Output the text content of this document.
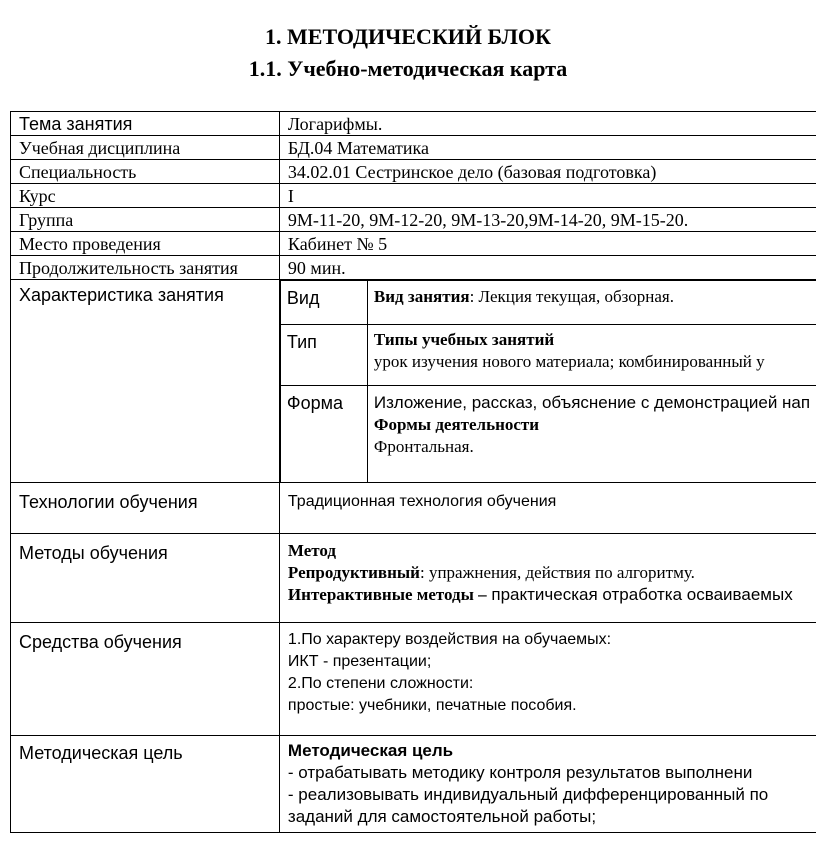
1. МЕТОДИЧЕСКИЙ БЛОК
1.1. Учебно-методическая карта
Тема занятия	Логарифмы.
Учебная дисциплина	БД.04 Математика
Специальность	34.02.01 Сестринское дело (базовая подготовка)
Курс	I
Группа	9М-11-20, 9М-12-20, 9М-13-20,9М-14-20, 9М-15-20.
Место проведения	Кабинет № 5
Продолжительность занятия	90 мин.
Характеристика занятия		Вид	Вид занятия: Лекция текущая, обзорная.
Тип	Типы учебных занятий
урок изучения нового материала; комбинированный у

Форма	Изложение, рассказ, объяснение с демонстрацией нап
Формы деятельности
Фронтальная.

Технологии обучения	Традиционная технология обучения
Методы обучения	Метод
Репродуктивный: упражнения, действия по алгоритму.
Интерактивные методы – практическая отработка осваиваемых

Средства обучения	1.По характеру воздействия на обучаемых:
ИКТ - презентации;
2.По степени сложности:
простые: учебники, печатные пособия.

Методическая цель	Методическая цель
- отрабатывать методику контроля результатов выполнени
- реализовывать индивидуальный дифференцированный по
заданий для самостоятельной работы;
